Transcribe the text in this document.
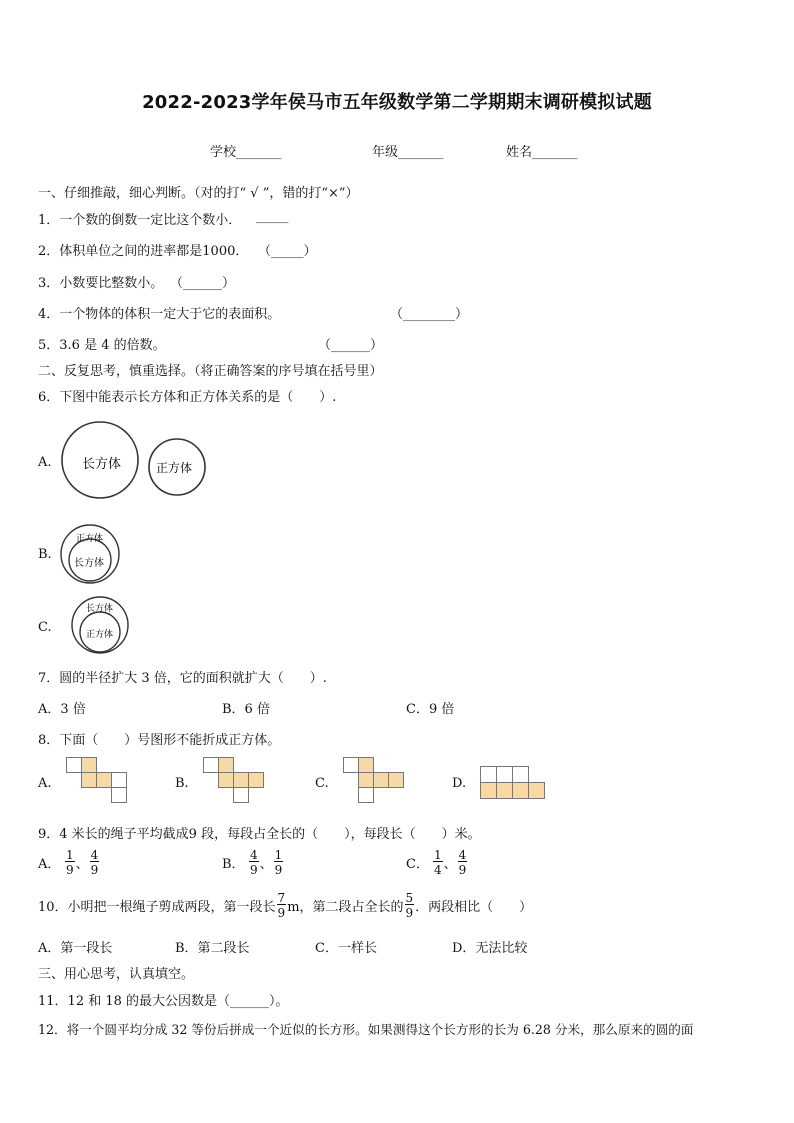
2022-2023学年侯马市五年级数学第二学期期末调研模拟试题
学校_______	年级_______	姓名_______
一、仔细推敲，细心判断。（对的打“ √ ”，错的打“×”）
1．一个数的倒数一定比这个数小． _____
2．体积单位之间的进率都是1000． （_____）
3．小数要比整数小。 （______）
4．一个物体的体积一定大于它的表面积。	（________）
5．3.6 是 4 的倍数。	（______）
二、反复思考，慎重选择。（将正确答案的序号填在括号里）
6．下图中能表示长方体和正方体关系的是（　　）.
A. 长方体	正方体
B.
正方体
长方体
C.
长方体
正方体
7．圆的半径扩大 3 倍，它的面积就扩大（　　）.
A．3 倍	B．6 倍	C．9 倍
8．下面（　　）号图形不能折成正方体。
A.	B.	C.	D.
9．4 米长的绳子平均截成9 段，每段占全长的（　　），每段长（　　）米。
A． $\frac{1}{9}$ 、 $\frac{4}{9}$	B． $\frac{4}{9}$ 、 $\frac{1}{9}$	C． $\frac{1}{4}$ 、 $\frac{4}{9}$
10．小明把一根绳子剪成两段，第一段长 $\frac{7}{9}$ m，第二段占全长的 $\frac{5}{9}$ ．两段相比（　　）
A．第一段长	B．第二段长	C．一样长	D．无法比较
三、用心思考，认真填空。
11．12 和 18 的最大公因数是（______）。
12．将一个圆平均分成 32 等份后拼成一个近似的长方形。如果测得这个长方形的长为 6.28 分米，那么原来的圆的面
